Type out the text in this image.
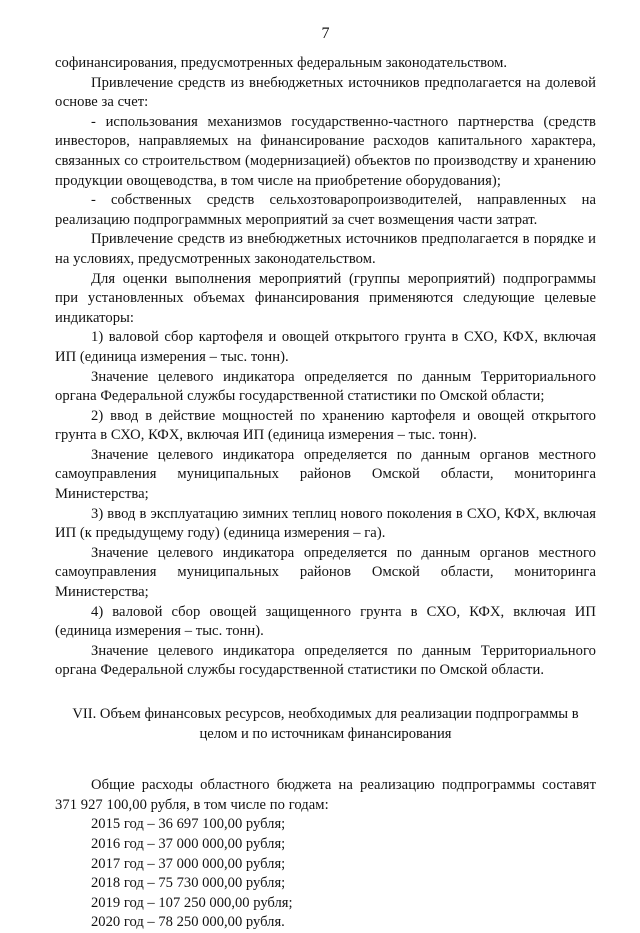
7

софинансирования, предусмотренных федеральным законодательством.

Привлечение средств из внебюджетных источников предполагается на долевой основе за счет:

- использования механизмов государственно-частного партнерства (средств инвесторов, направляемых на финансирование расходов капитального характера, связанных со строительством (модернизацией) объектов по производству и хранению продукции овощеводства, в том числе на приобретение оборудования);

- собственных средств сельхозтоваропроизводителей, направленных на реализацию подпрограммных мероприятий за счет возмещения части затрат.

Привлечение средств из внебюджетных источников предполагается в порядке и на условиях, предусмотренных законодательством.

Для оценки выполнения мероприятий (группы мероприятий) подпрограммы при установленных объемах финансирования применяются следующие целевые индикаторы:

1) валовой сбор картофеля и овощей открытого грунта в СХО, КФХ, включая ИП (единица измерения – тыс. тонн).

Значение целевого индикатора определяется по данным Территориального органа Федеральной службы государственной статистики по Омской области;

2) ввод в действие мощностей по хранению картофеля и овощей открытого грунта в СХО, КФХ, включая ИП (единица измерения – тыс. тонн).

Значение целевого индикатора определяется по данным органов местного самоуправления муниципальных районов Омской области, мониторинга Министерства;

3) ввод в эксплуатацию зимних теплиц нового поколения в СХО, КФХ, включая ИП (к предыдущему году) (единица измерения – га).

Значение целевого индикатора определяется по данным органов местного самоуправления муниципальных районов Омской области, мониторинга Министерства;

4) валовой сбор овощей защищенного грунта в СХО, КФХ, включая ИП (единица измерения – тыс. тонн).

Значение целевого индикатора определяется по данным Территориального органа Федеральной службы государственной статистики по Омской области.

VII. Объем финансовых ресурсов, необходимых для реализации подпрограммы в целом и по источникам финансирования

Общие расходы областного бюджета на реализацию подпрограммы составят 371 927 100,00 рубля, в том числе по годам:

2015 год – 36 697 100,00 рубля;
2016 год – 37 000 000,00 рубля;
2017 год – 37 000 000,00 рубля;
2018 год – 75 730 000,00 рубля;
2019 год – 107 250 000,00 рубля;
2020 год – 78 250 000,00 рубля.
